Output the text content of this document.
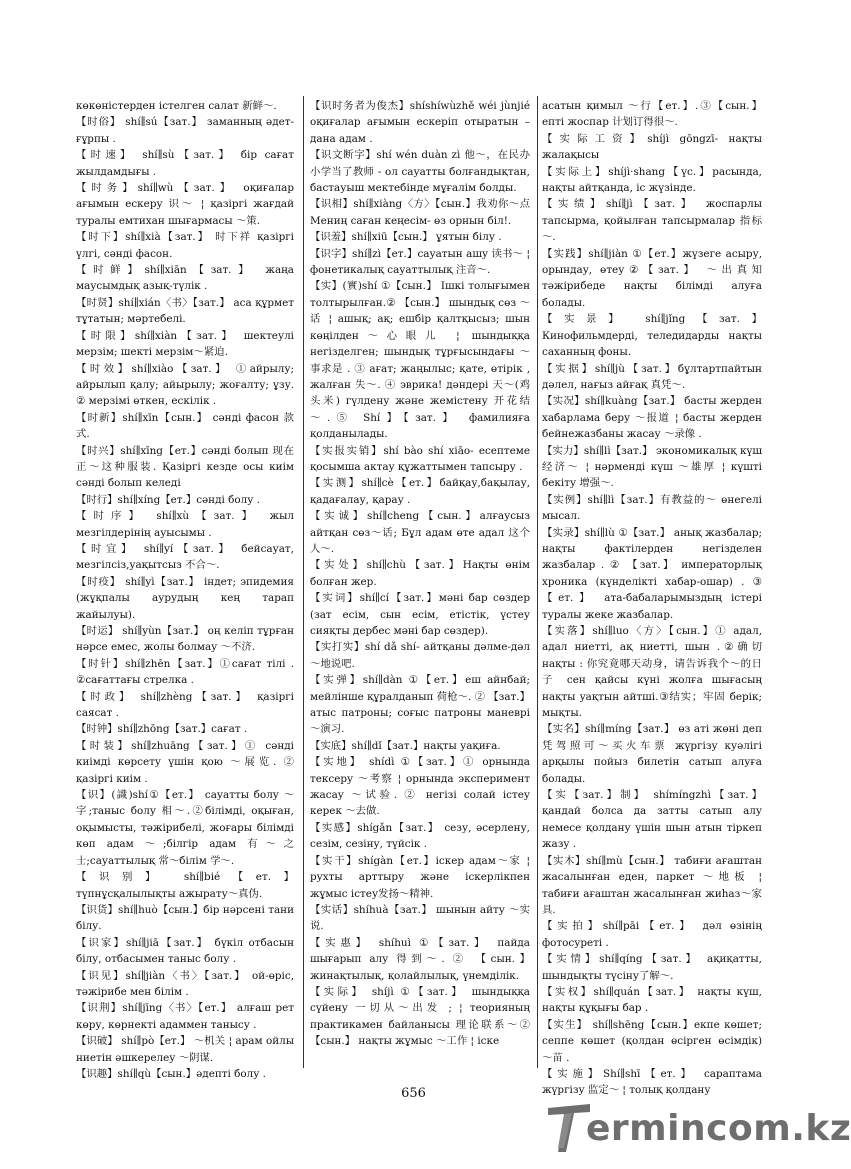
көкөністерден істелген салат 新鲜～.

【时俗】 shí∥sú【зат.】 заманның әдет-ғұрпы .

【时速】 shí∥sù【зат.】 бір сағат жылдамдығы .

【时务】shí∥wù【зат.】 оқиғалар ағымын ескеру 识～ ¦ қазіргі жағдай туралы емтихан шығармасы ～策.

【时下】shí∥xià【зат.】 时下祥 қазіргі үлгі, сәнді фасон.

【时鲜】shí∥xiān【зат.】 жаңа маусымдық азық-түлік .

【时贤】shí∥xián〈书〉【зат.】 аса құрмет тұтатын; мәртебелі.

【时限】shí∥xiàn【зат.】 шектеулі мерзім; шекті мерзім～紧迫.

【时效】shí∥xiào【зат.】 ①айрылу; айрылып қалу; айырылу; жоғалту; ұзу. ② мерзімі өткен, ескілік .

【时新】shí∥xīn【сын.】 сәнді фасон 款式.

【时兴】shí∥xīng【ет.】сәнді болып 现在正～这种服装. Қазіргі кезде осы киім сәнді болып келеді

【时行】shí∥xíng【ет.】сәнді болу .

【时序】 shí∥xù【зат.】 жыл мезгілдерінің ауысымы .

【时宜】 shí∥yí【зат.】 бейсауат, мезгілсіз,уақытсыз 不合～.

【时疫】 shí∥yì【зат.】 індет; эпидемия (жұқпалы аурудың кең тарап жайылуы).

【时运】 shí∥yùn【зат.】 оң келіп тұрған нәрсе емес, жолы болмау ～不济.

【时针】shí∥zhēn【зат.】①сағат тілі . ②сағаттағы стрелка .

【时政】 shí∥zhèng【зат.】 қазіргі саясат .

【时钟】shí∥zhōng【зат.】сағат .

【时装】shí∥zhuāng【зат.】① сәнді киімді көрсету үшін қою ～展览. ② қазіргі киім .

【识】(識)shí①【ет.】 сауатты болу ～字;таныс болу 相～.②білімді, оқыған, оқымысты, тәжірибелі, жоғары білімді көп адам ～;білгір адам 有～之士;сауаттылық 常～білім 学～.

【识别】 shí∥bié【ет.】 түпнұсқалылықты ажырату～真伪.

【识货】shí∥huò【сын.】бір нәрсені тани білу.

【识家】shí∥jiā【зат.】 бүкіл отбасын білу, отбасымен таныс болу .

【识见】shí∥jiàn〈书〉【зат.】 ой-өріс, тәжірибе мен білім .

【识荆】shí∥jīng〈书〉【ет.】 алғаш рет көру, көрнекті адаммен танысу .

【识破】 shí∥pò【ет.】 ～机关 ¦ арам ойлы ниетін әшкерелеу ～阴谋.

【识趣】shí∥qù【сын.】әдепті болу .

【识时务者为俊杰】shíshíwùzhě wéi jùnjié оқиғалар ағымын ескеріп отыратын – дана адам .

【识文断字】shí wén duàn zì 他～，在民办小学当了教师 - ол сауатты болғандықтан, бастауыш мектебінде мұғалім болды.

【识相】shí∥xiàng〈方〉【сын.】我劝你～点 Мениң саған кеңесім- өз орнын біл!.

【识羞】shí∥xiū【сын.】 ұятын білу .

【识字】shí∥zì【ет.】сауатын ашу 读书～ ¦ фонетикалық сауаттылық 注音～.

【实】(實)shí ①【сын.】 Ішкі толығымен толтырылған.② 【сын.】 шындық сөз ～话 ¦ ашық; ақ; ешбір қалтқысыз; шын көңілден～心眼儿 ¦ шындыққа негізделген; шындық тұрғысындағы ～事求是 . ③ ағат; жаңылыс; қате, өтірік , жалған 失～. ④ эврика! дәндері 天～(鸡头米) гүлдену және жемістену 开花结～.⑤ Shí】【зат.】 фамилияға қолданылады.

【实报实销】shí bào shí xiāo- есептеме қосымша актау құжаттымен тапсыру .

【实测】shí∥cè【ет.】байқау,бақылау, қадағалау, қарау .

【实诚】shí∥cheng【сын.】алғаусыз айтқан сөз～话; Бұл адам өте адал 这个人～.

【实处】shí∥chù【зат.】Нақты өнім болған жер.

【实词】shí∥cí【зат.】мәні бар сөздер (зат есім, сын есім, етістік, үстеу сияқты дербес мәні бар сөздер).

【实打实】shí dǎ shí- айтқаны дәлме-дәл ～地说吧.

【实弹】shí∥dàn ①【ет.】еш айнбай; мейлінше құралданып 荷枪～. ② 【зат.】 атыс патроны; соғыс патроны маневрі ～演习.

【实底】shí∥dǐ【зат.】нақты уақиға.

【实地】 shídì ①【зат.】① орнында тексеру ～考察 ¦ орнында эксперимент жасау ～试验. ② негізі солай істеу керек ～去做.

【实感】shígǎn【зат.】 сезу, әсерлену, сезім, сезіну, түйсік .

【实干】shígàn【ет.】іскер адам～家 ¦ рухты арттыру және іскерлікпен жұмыс істеу发扬～精神.

【实话】shíhuà【зат.】 шынын айту ～实说.

【实惠】 shíhuì ①【зат.】 пайда шығарып алу 得到～. ② 【сын.】 жинақтылық, қолайлылық, үнемділік.

【实际】 shíjì ①【зат.】 шындыққа сүйену 一切从～出发 ; ¦ теорияның практикамен байланысы 理论联系～② 【сын.】 нақты жұмыс ～工作 ¦ іске

асатын қимыл ～行【ет.】.③【сын.】 епті жоспар 计划订得很～.

【实际工资】shíjì gōngzī- нақты жалақысы

【实际上】shíjì·shang【үс.】расында, нақты айтқанда, іс жүзінде.

【实绩】shí∥jì【зат.】 жоспарлы тапсырма, қойылған тапсырмалар 指标～.

【实践】shí∥jiàn ①【ет.】жүзеге асыру, орындау, өтеу②【зат.】 ～出真知 тәжірибеде нақты білімді алуға болады.

【实景】 shí∥jǐng【зат.】 Кинофильмдерді, теледидарды нақты саханның фоны.

【实据】shí∥jù【зат.】бұлтартпайтын дәлел, нағыз айғақ 真凭～.

【实况】shí∥kuàng【зат.】 басты жерден хабарлама беру ～报道 ¦ басты жерден бейнежазбаны жасау ～录像 .

【实力】shí∥lì【зат.】 экономикалық күш 经济～ ¦ нәрменді күш ～雄厚 ¦ күшті бекіту 增强～.

【实例】shí∥lì【зат.】有教益的～ өнегелі мысал.

【实录】shí∥lù ①【зат.】 анық жазбалар; нақты фактілерден негізделен жазбалар . ② 【зат.】 императорлық хроника (күнделікті хабар-ошар) . ③ 【ет.】 ата-бабаларымыздың істері туралы жеке жазбалар.

【实落】shí∥luo〈方〉【сын.】① адал, адал ниетті, ақ ниетті, шын .②确切 нақты : 你究竟哪天动身，请告诉我个～的日子 сен қайсы күні жолға шығасың нақты уақтын айтші.③结实；牢固 берік; мықты.

【实名】shí∥míng【зат.】 өз аті жөні деп 凭驾照可～买火车票 жүргізу куәлігі арқылы пойыз билетін сатып алуға болады.

【实【зат.】制】 shímíngzhì【зат.】 қандай болса да затты сатып алу немесе қолдану үшін шын атын тіркеп жазу .

【实木】shí∥mù【сын.】 табиғи ағаштан жасалынған еден, паркет ～地板 ¦ табиғи ағаштан жасалынған жиһаз～家具.

【实拍】shí∥pāi【ет.】 дәл өзінің фотосуреті .

【实情】shí∥qíng【зат.】 ақиқатты, шындықты түсіну了解～.

【实权】shí∥quán【зат.】 нақты күш, нақты құқығы бар .

【实生】 shí∥shēng【сын.】екпе көшет; сеппе көшет (қолдан өсірген өсімдік) ～苗 .

【实施】Shí∥shī【ет.】 сараптама жүргізу 监定～ ¦ толық қолдану

656
ermincom.kz
